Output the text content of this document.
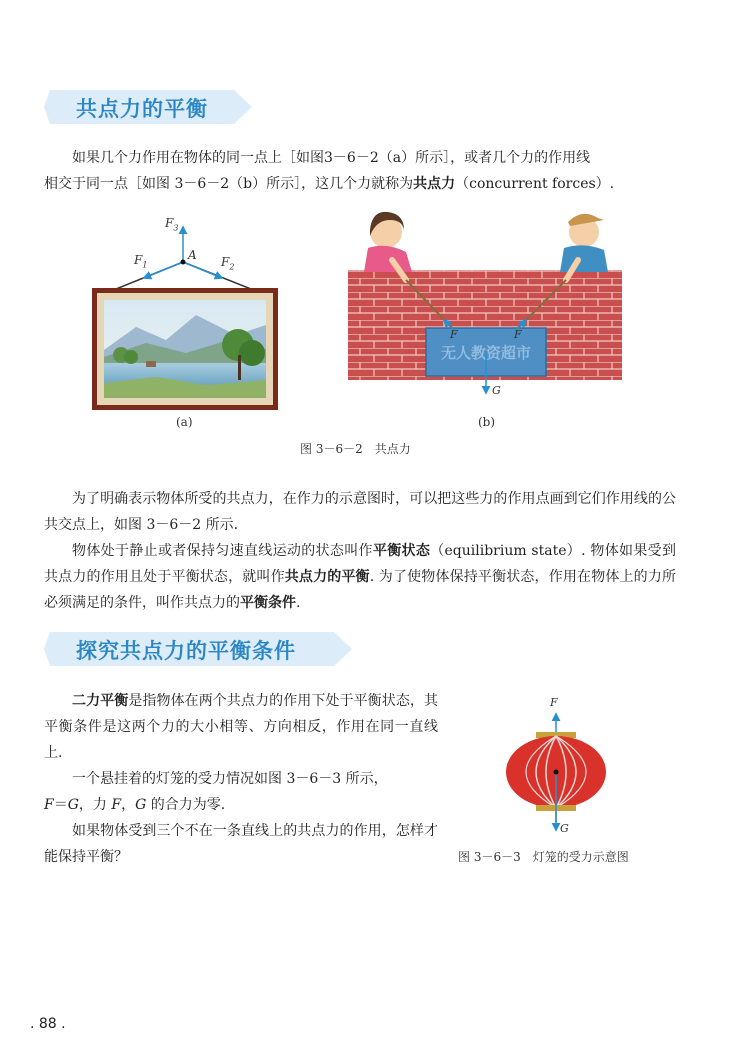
共点力的平衡
如果几个力作用在物体的同一点上［如图3－6－2（a）所示］，或者几个力的作用线
相交于同一点［如图 3－6－2（b）所示］，这几个力就称为共点力（concurrent forces）.
$F_3$
$F_1$	$F_2$
A
(a)
无人教资超市
F	F
G
(b)
图 3－6－2　共点力
为了明确表示物体所受的共点力，在作力的示意图时，可以把这些力的作用点画到它们作用线的公共交点上，如图 3－6－2 所示.
物体处于静止或者保持匀速直线运动的状态叫作平衡状态（equilibrium state）. 物体如果受到共点力的作用且处于平衡状态，就叫作共点力的平衡. 为了使物体保持平衡状态，作用在物体上的力所必须满足的条件，叫作共点力的平衡条件.
探究共点力的平衡条件
二力平衡是指物体在两个共点力的作用下处于平衡状态，其平衡条件是这两个力的大小相等、方向相反，作用在同一直线上.
一个悬挂着的灯笼的受力情况如图 3－6－3 所示，
F＝G，力 F，G 的合力为零.
如果物体受到三个不在一条直线上的共点力的作用，怎样才能保持平衡？
F
G
图 3－6－3　灯笼的受力示意图
. 88 .
